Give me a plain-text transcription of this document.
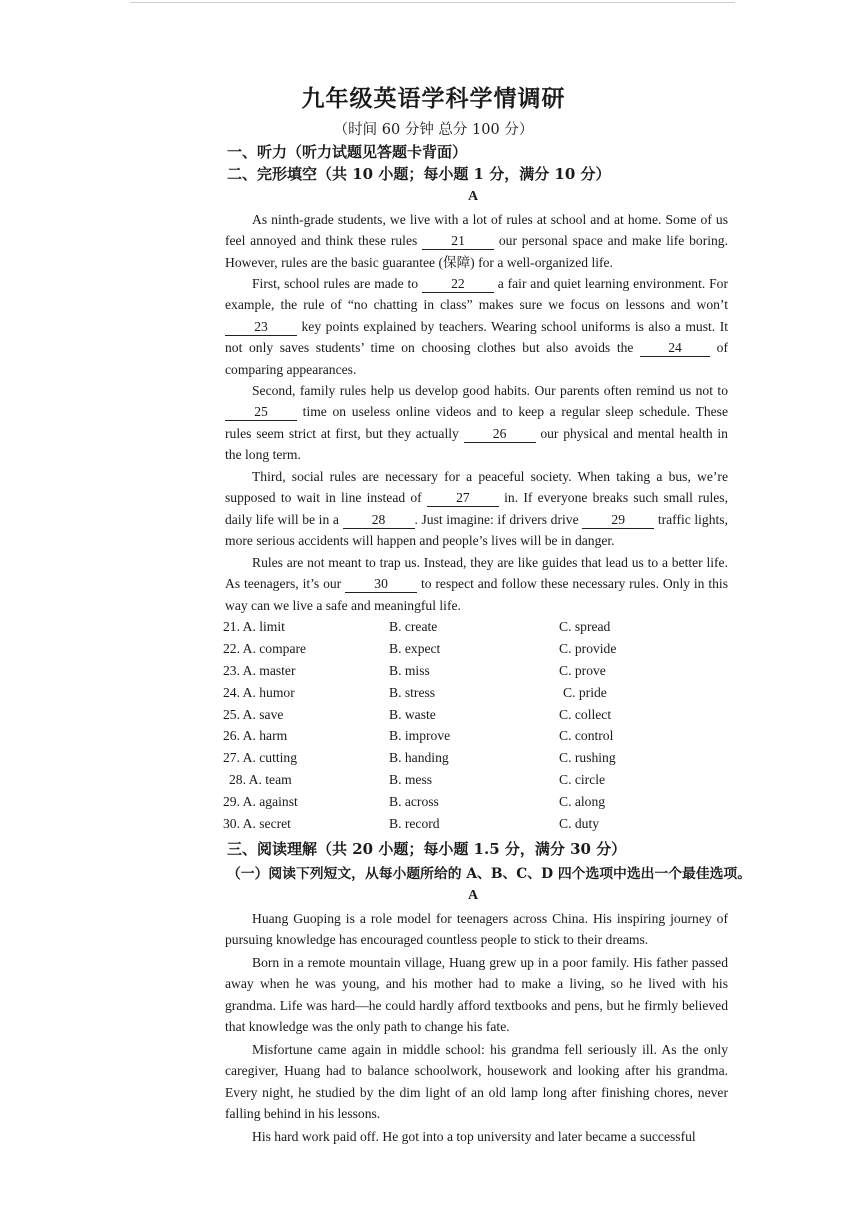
九年级英语学科学情调研
（时间 60 分钟 总分 100 分）
一、听力（听力试题见答题卡背面）
二、完形填空（共 10 小题；每小题 1 分，满分 10 分）
A

As ninth-grade students, we live with a lot of rules at school and at home. Some of us feel annoyed and think these rules 21 our personal space and make life boring. However, rules are the basic guarantee (保障) for a well-organized life.

First, school rules are made to 22 a fair and quiet learning environment. For example, the rule of “no chatting in class” makes sure we focus on lessons and won’t 23 key points explained by teachers. Wearing school uniforms is also a must. It not only saves students’ time on choosing clothes but also avoids the 24 of comparing appearances.

Second, family rules help us develop good habits. Our parents often remind us not to 25 time on useless online videos and to keep a regular sleep schedule. These rules seem strict at first, but they actually 26 our physical and mental health in the long term.

Third, social rules are necessary for a peaceful society. When taking a bus, we’re supposed to wait in line instead of 27 in. If everyone breaks such small rules, daily life will be in a 28 . Just imagine: if drivers drive 29 traffic lights, more serious accidents will happen and people’s lives will be in danger.

Rules are not meant to trap us. Instead, they are like guides that lead us to a better life. As teenagers, it’s our 30 to respect and follow these necessary rules. Only in this way can we live a safe and meaningful life.

21. A. limit	B. create	C. spread
22. A. compare	B. expect	C. provide
23. A. master	B. miss	C. prove
24. A. humor	B. stress	C. pride
25. A. save	B. waste	C. collect
26. A. harm	B. improve	C. control
27. A. cutting	B. handing	C. rushing
28. A. team	B. mess	C. circle
29. A. against	B. across	C. along
30. A. secret	B. record	C. duty
三、阅读理解（共 20 小题；每小题 1.5 分，满分 30 分）
（一）阅读下列短文，从每小题所给的 A、B、C、D 四个选项中选出一个最佳选项。
A

Huang Guoping is a role model for teenagers across China. His inspiring journey of pursuing knowledge has encouraged countless people to stick to their dreams.

Born in a remote mountain village, Huang grew up in a poor family. His father passed away when he was young, and his mother had to make a living, so he lived with his grandma. Life was hard—he could hardly afford textbooks and pens, but he firmly believed that knowledge was the only path to change his fate.

Misfortune came again in middle school: his grandma fell seriously ill. As the only caregiver, Huang had to balance schoolwork, housework and looking after his grandma. Every night, he studied by the dim light of an old lamp long after finishing chores, never falling behind in his lessons.

His hard work paid off. He got into a top university and later became a successful
